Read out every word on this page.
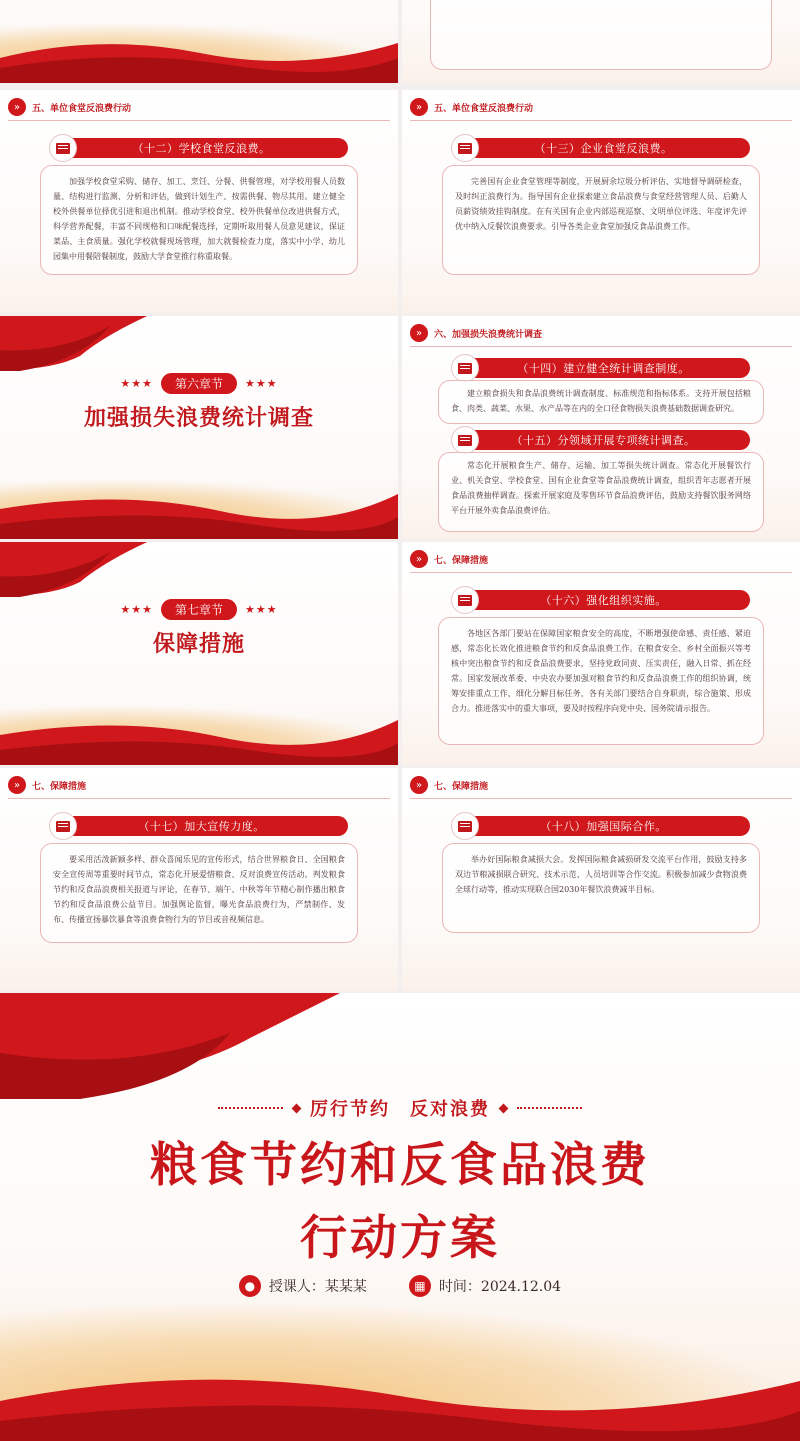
»	五、单位食堂反浪费行动
（十二）学校食堂反浪费。
加强学校食堂采购、储存、加工、烹饪、分餐、供餐管理，对学校用餐人员数量、结构进行监测、分析和评估，做到计划生产、按需供餐、物尽其用。建立健全校外供餐单位择优引进和退出机制。推动学校食堂、校外供餐单位改进供餐方式，科学营养配餐，丰富不同规格和口味配餐选择，定期听取用餐人员意见建议，保证菜品、主食质量。强化学校就餐现场管理，加大就餐检查力度，落实中小学、幼儿园集中用餐陪餐制度，鼓励大学食堂推行称重取餐。
»	五、单位食堂反浪费行动
（十三）企业食堂反浪费。
完善国有企业食堂管理等制度，开展厨余垃圾分析评估、实地督导调研检查，及时纠正浪费行为。指导国有企业探索建立食品浪费与食堂经营管理人员、后勤人员薪资绩效挂钩制度。在有关国有企业内部巡视巡察、文明单位评选、年度评先评优中纳入反餐饮浪费要求。引导各类企业食堂加强反食品浪费工作。
★★★	第六章节	★★★
加强损失浪费统计调查
»	六、加强损失浪费统计调查
（十四）建立健全统计调查制度。
建立粮食损失和食品浪费统计调查制度、标准规范和指标体系。支持开展包括粮食、肉类、蔬菜、水果、水产品等在内的全口径食物损失浪费基础数据调查研究。
（十五）分领域开展专项统计调查。
常态化开展粮食生产、储存、运输、加工等损失统计调查。常态化开展餐饮行业、机关食堂、学校食堂、国有企业食堂等食品浪费统计调查，组织青年志愿者开展食品浪费抽样调查。探索开展家庭及零售环节食品浪费评估，鼓励支持餐饮服务网络平台开展外卖食品浪费评估。
★★★	第七章节	★★★
保障措施
»	七、保障措施
（十六）强化组织实施。
各地区各部门要站在保障国家粮食安全的高度，不断增强使命感、责任感、紧迫感，常态化长效化推进粮食节约和反食品浪费工作。在粮食安全、乡村全面振兴等考核中突出粮食节约和反食品浪费要求，坚持党政同责、压实责任，融入日常、抓在经常。国家发展改革委、中央农办要加强对粮食节约和反食品浪费工作的组织协调，统筹安排重点工作，细化分解目标任务，各有关部门要结合自身职责，综合施策、形成合力。推进落实中的重大事项，要及时按程序向党中央、国务院请示报告。
»	七、保障措施
（十七）加大宣传力度。
要采用活泼新颖多样、群众喜闻乐见的宣传形式，结合世界粮食日、全国粮食安全宣传周等重要时间节点，常态化开展爱惜粮食、反对浪费宣传活动。判发粮食节约和反食品浪费相关报道与评论，在春节、端午、中秋等年节精心制作播出粮食节约和反食品浪费公益节目。加强舆论监督，曝光食品浪费行为，严禁制作、发布、传播宣扬暴饮暴食等浪费食物行为的节目或音视频信息。
»	七、保障措施
（十八）加强国际合作。
举办好国际粮食减损大会。发挥国际粮食减损研发交流平台作用，鼓励支持多双边节粮减损联合研究、技术示范、人员培训等合作交流。积极参加减少食物浪费全球行动等，推动实现联合国2030年餐饮浪费减半目标。
厉行节约　反对浪费
粮食节约和反食品浪费
行动方案
● 授课人：某某某	▦ 时间：2024.12.04
